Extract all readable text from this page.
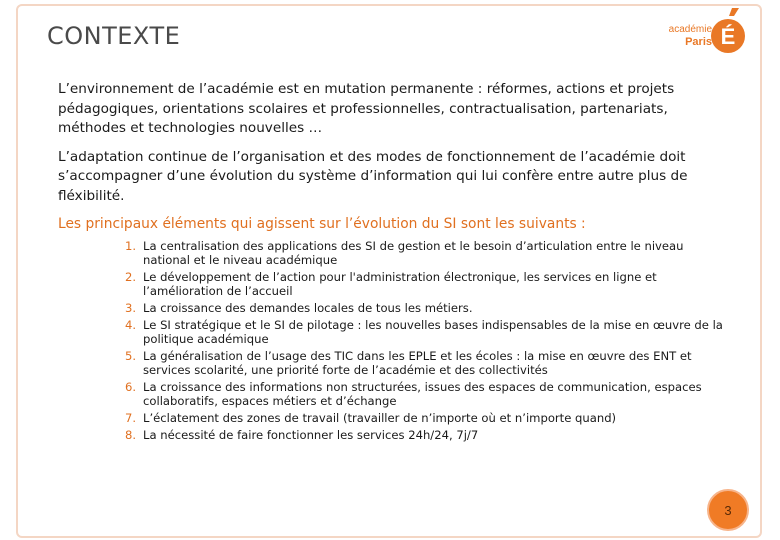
CONTEXTE	académie
Paris É

L’environnement de l’académie est en mutation permanente : réformes, actions et projets pédagogiques, orientations scolaires et professionnelles, contractualisation, partenariats, méthodes et technologies nouvelles …

L’adaptation continue de l’organisation et des modes de fonctionnement de l’académie doit s’accompagner d’une évolution du système d’information qui lui confère entre autre plus de fléxibilité.

Les principaux éléments qui agissent sur l’évolution du SI sont les suivants :

1. La centralisation des applications des SI de gestion et le besoin d’articulation entre le niveau national et le niveau académique
2. Le développement de l’action pour l'administration électronique, les services en ligne et l’amélioration de l’accueil
3. La croissance des demandes locales de tous les métiers.
4. Le SI stratégique et le SI de pilotage : les nouvelles bases indispensables de la mise en œuvre de la politique académique
5. La généralisation de l’usage des TIC dans les EPLE et les écoles : la mise en œuvre des ENT et services scolarité, une priorité forte de l’académie et des collectivités
6. La croissance des informations non structurées, issues des espaces de communication, espaces collaboratifs, espaces métiers et d’échange
7. L’éclatement des zones de travail (travailler de n’importe où et n’importe quand)
8. La nécessité de faire fonctionner les services 24h/24, 7j/7
3
